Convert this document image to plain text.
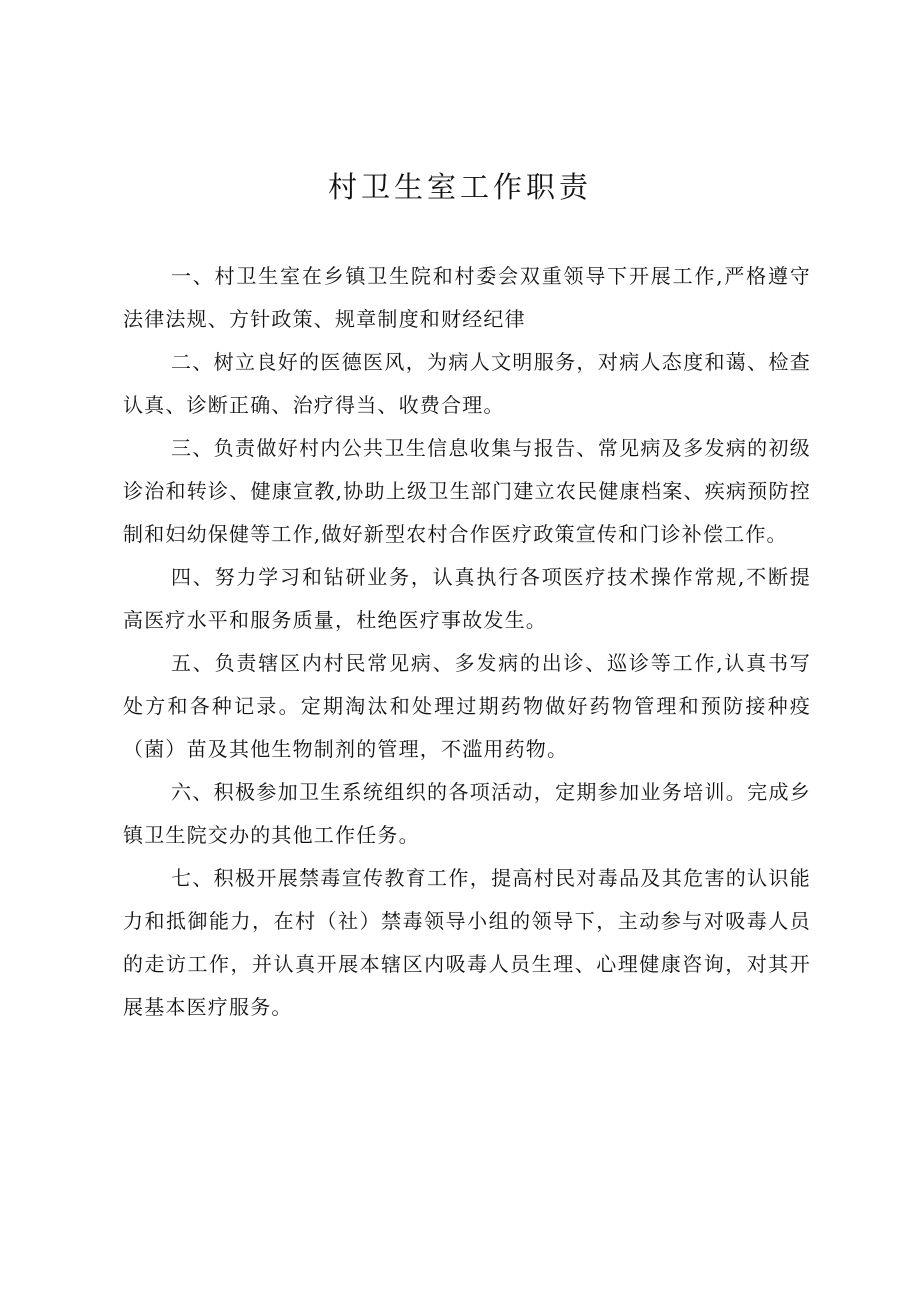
村卫生室工作职责

一、村卫生室在乡镇卫生院和村委会双重领导下开展工作,严格遵守法律法规、方针政策、规章制度和财经纪律

二、树立良好的医德医风，为病人文明服务，对病人态度和蔼、检查认真、诊断正确、治疗得当、收费合理。

三、负责做好村内公共卫生信息收集与报告、常见病及多发病的初级诊治和转诊、健康宣教,协助上级卫生部门建立农民健康档案、疾病预防控制和妇幼保健等工作,做好新型农村合作医疗政策宣传和门诊补偿工作。

四、努力学习和钻研业务，认真执行各项医疗技术操作常规,不断提高医疗水平和服务质量，杜绝医疗事故发生。

五、负责辖区内村民常见病、多发病的出诊、巡诊等工作,认真书写处方和各种记录。定期淘汰和处理过期药物做好药物管理和预防接种疫（菌）苗及其他生物制剂的管理，不滥用药物。

六、积极参加卫生系统组织的各项活动，定期参加业务培训。完成乡镇卫生院交办的其他工作任务。

七、积极开展禁毒宣传教育工作，提高村民对毒品及其危害的认识能力和抵御能力，在村（社）禁毒领导小组的领导下，主动参与对吸毒人员的走访工作，并认真开展本辖区内吸毒人员生理、心理健康咨询，对其开展基本医疗服务。
